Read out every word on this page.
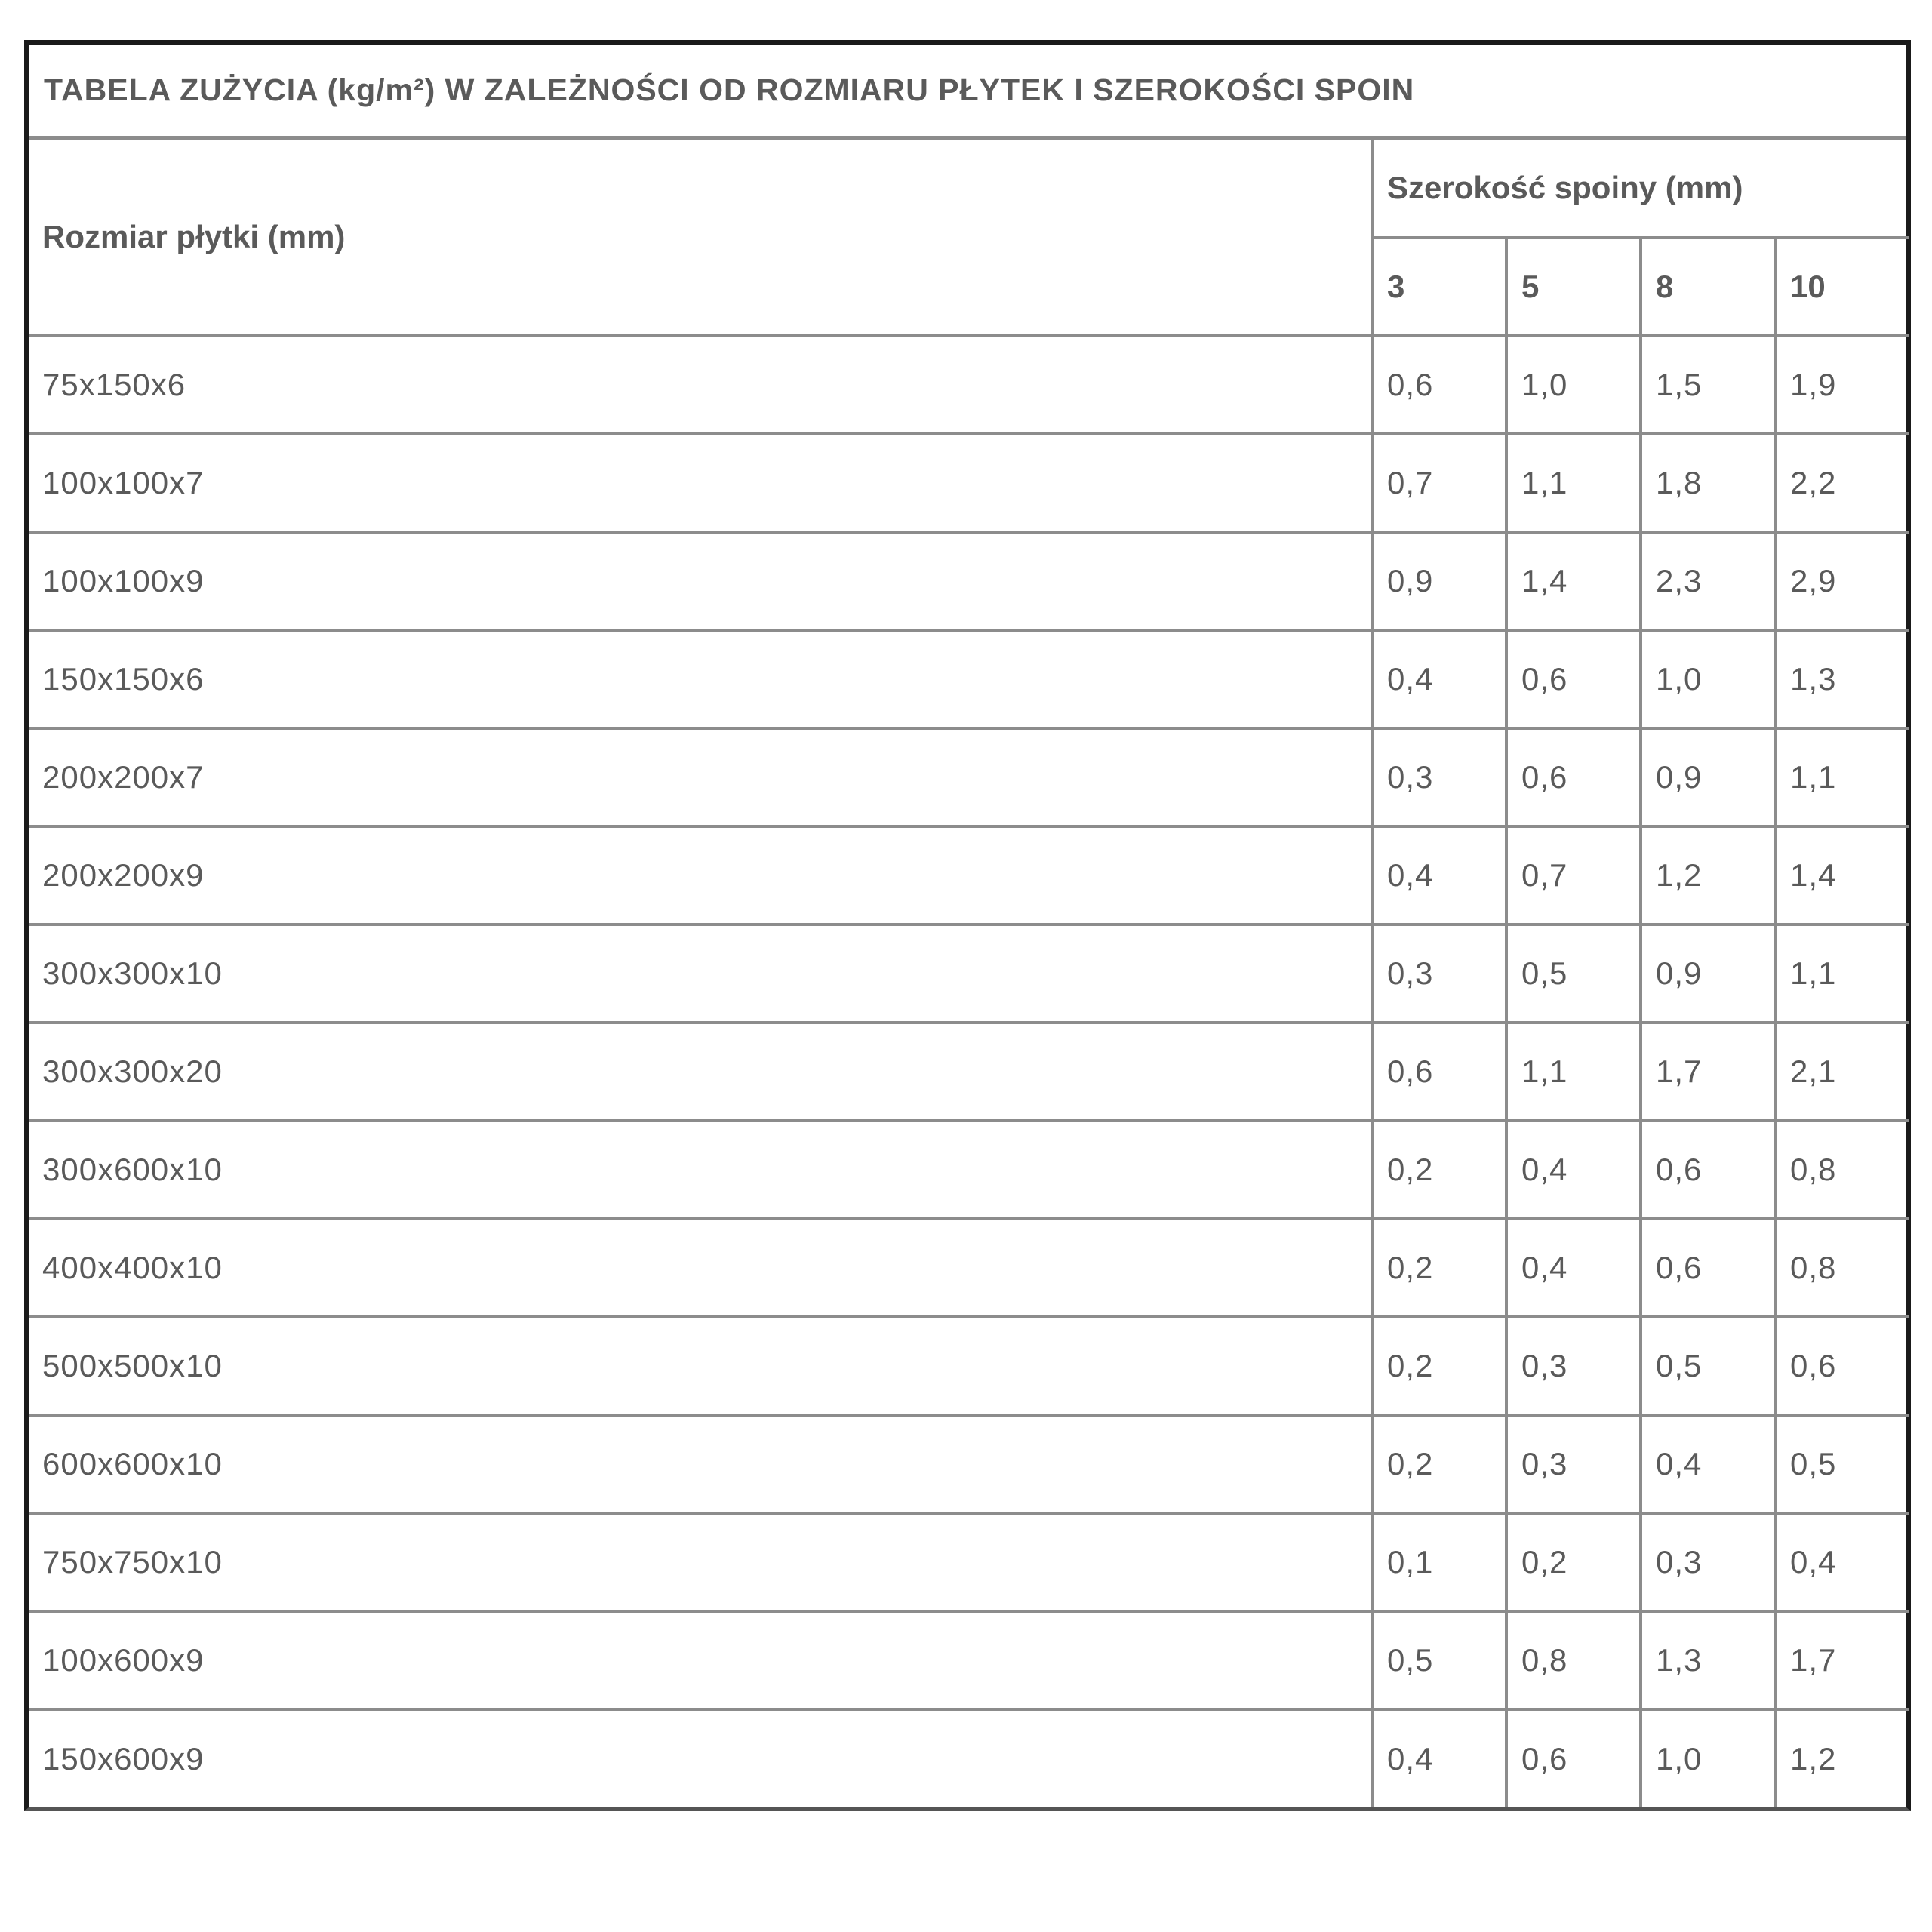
TABELA ZUŻYCIA (kg/m²) W ZALEŻNOŚCI OD ROZMIARU PŁYTEK I SZEROKOŚCI SPOIN
Rozmiar płytki (mm)	Szerokość spoiny (mm)			
	3	5	8	10
75x150x6	0,6	1,0	1,5	1,9
100x100x7	0,7	1,1	1,8	2,2
100x100x9	0,9	1,4	2,3	2,9
150x150x6	0,4	0,6	1,0	1,3
200x200x7	0,3	0,6	0,9	1,1
200x200x9	0,4	0,7	1,2	1,4
300x300x10	0,3	0,5	0,9	1,1
300x300x20	0,6	1,1	1,7	2,1
300x600x10	0,2	0,4	0,6	0,8
400x400x10	0,2	0,4	0,6	0,8
500x500x10	0,2	0,3	0,5	0,6
600x600x10	0,2	0,3	0,4	0,5
750x750x10	0,1	0,2	0,3	0,4
100x600x9	0,5	0,8	1,3	1,7
150x600x9	0,4	0,6	1,0	1,2
